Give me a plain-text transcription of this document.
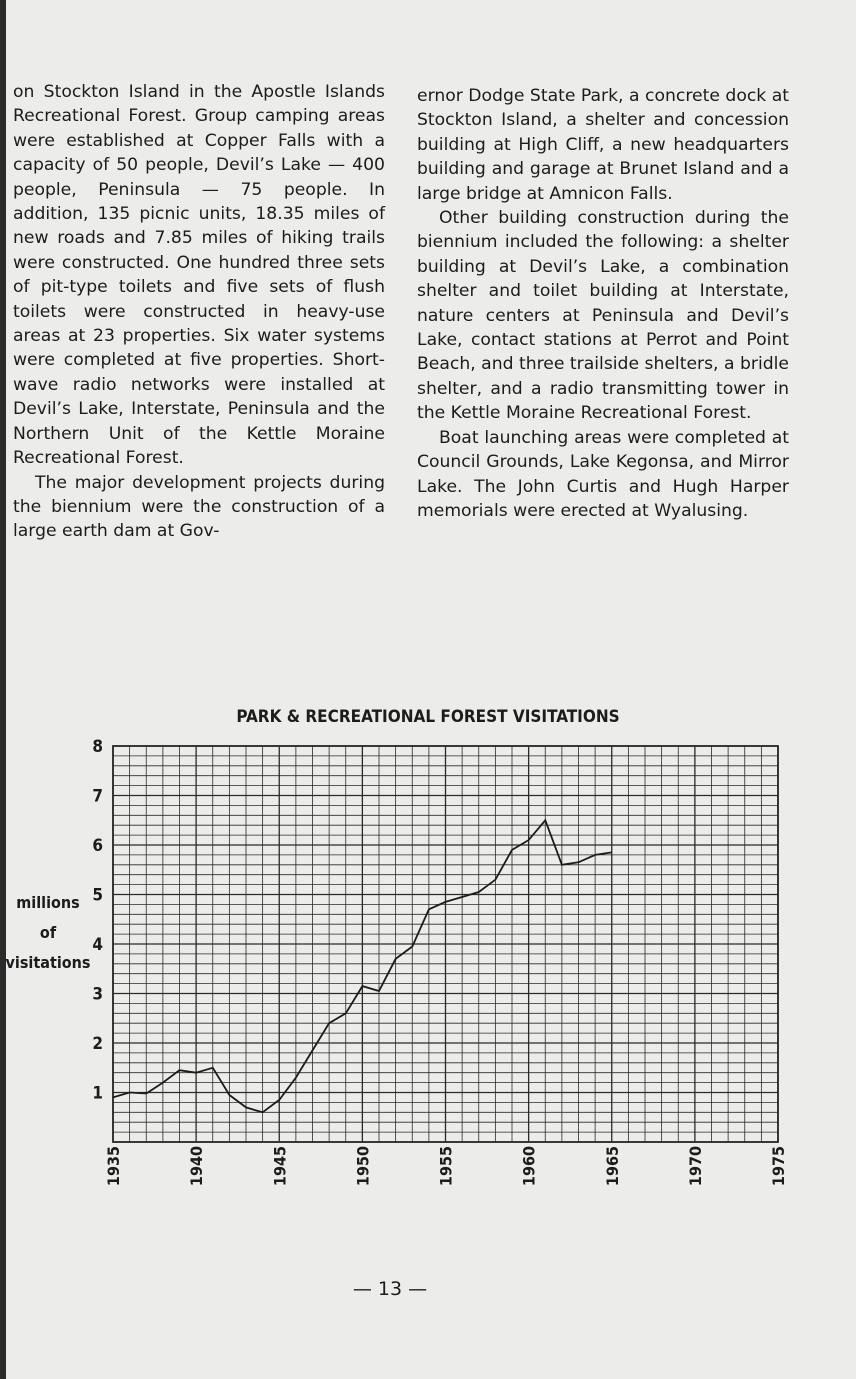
on Stockton Island in the Apostle Islands Recreational Forest. Group camping areas were established at Copper Falls with a capacity of 50 people, Devil’s Lake — 400 people, Peninsula — 75 people. In addition, 135 picnic units, 18.35 miles of new roads and 7.85 miles of hiking trails were constructed. One hundred three sets of pit-type toilets and five sets of flush toilets were constructed in heavy-use areas at 23 properties. Six water systems were completed at five properties. Short-wave radio networks were installed at Devil’s Lake, Interstate, Peninsula and the Northern Unit of the Kettle Moraine Recreational Forest.

The major development projects during the biennium were the construction of a large earth dam at Gov-

ernor Dodge State Park, a concrete dock at Stockton Island, a shelter and concession building at High Cliff, a new headquarters building and garage at Brunet Island and a large bridge at Amnicon Falls.

Other building construction during the biennium included the following: a shelter building at Devil’s Lake, a combination shelter and toilet building at Interstate, nature centers at Peninsula and Devil’s Lake, contact stations at Perrot and Point Beach, and three trailside shelters, a bridle shelter, and a radio transmitting tower in the Kettle Moraine Recreational Forest.

Boat launching areas were completed at Council Grounds, Lake Kegonsa, and Mirror Lake. The John Curtis and Hugh Harper memorials were erected at Wyalusing.

PARK & RECREATIONAL FOREST VISITATIONS
1
2
3
4
5
6
7
8
1935	1940	1945	1950	1955	1960	1965	1970	1975
millions
of
visitations
— 13 —
